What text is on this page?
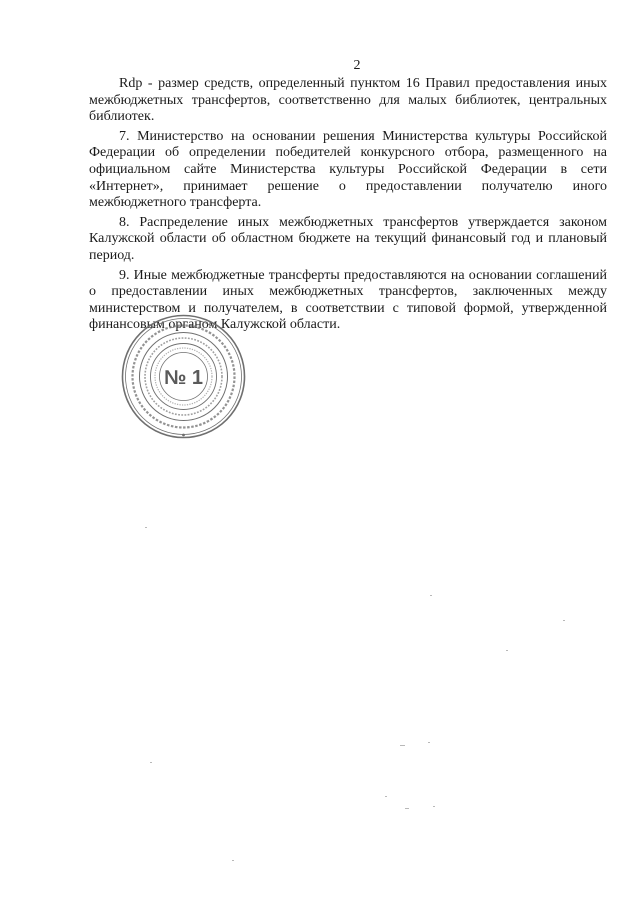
2

Rdp - размер средств, определенный пунктом 16 Правил предоставления иных межбюджетных трансфертов, соответственно для малых библиотек, центральных библиотек.

7. Министерство на основании решения Министерства культуры Российской Федерации об определении победителей конкурсного отбора, размещенного на официальном сайте Министерства культуры Российской Федерации в сети «Интернет», принимает решение о предоставлении получателю иного межбюджетного трансферта.

8. Распределение иных межбюджетных трансфертов утверждается законом Калужской области об областном бюджете на текущий финансовый год и плановый период.

9. Иные межбюджетные трансферты предоставляются на основании соглашений о предоставлении иных межбюджетных трансфертов, заключенных между министерством и получателем, в соответствии с типовой формой, утвержденной финансовым органом Калужской области.

№ 1
